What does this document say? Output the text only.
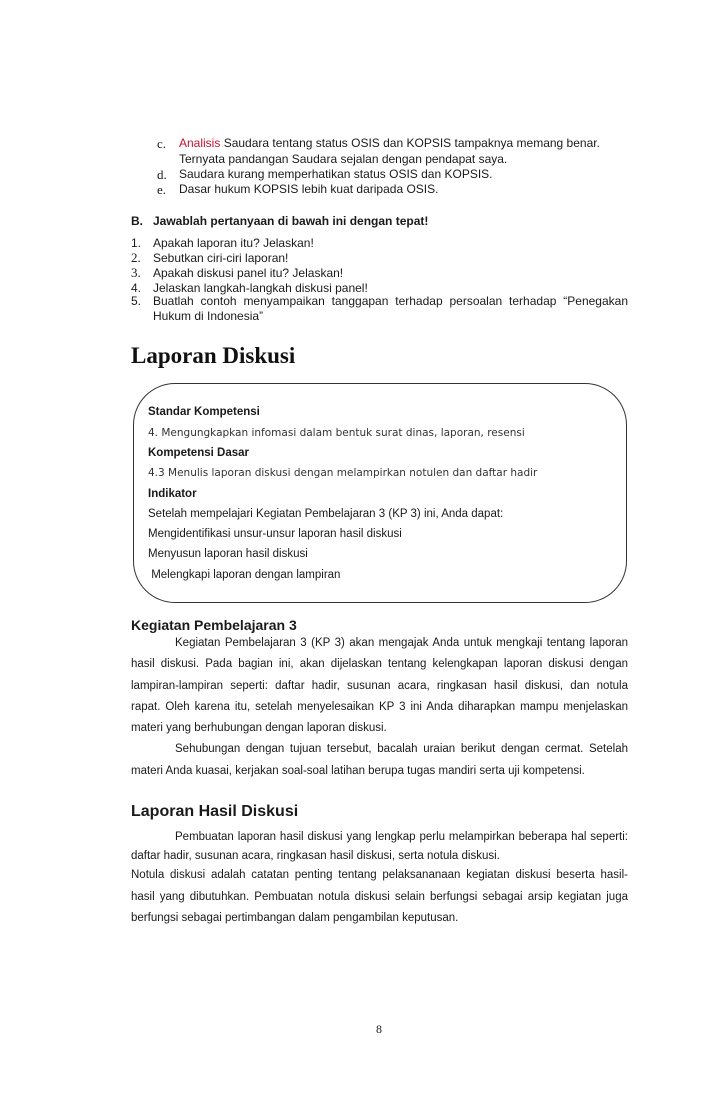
c. Analisis Saudara tentang status OSIS dan KOPSIS tampaknya memang benar.
Ternyata pandangan Saudara sejalan dengan pendapat saya.
d. Saudara kurang memperhatikan status OSIS dan KOPSIS.
e. Dasar hukum KOPSIS lebih kuat daripada OSIS.
B. Jawablah pertanyaan di bawah ini dengan tepat!
1. Apakah laporan itu? Jelaskan!
2. Sebutkan ciri-ciri laporan!
3. Apakah diskusi panel itu? Jelaskan!
4. Jelaskan langkah-langkah diskusi panel!
5. Buatlah contoh menyampaikan tanggapan terhadap persoalan terhadap “Penegakan
Hukum di Indonesia”
Laporan Diskusi
Standar Kompetensi
4. Mengungkapkan infomasi dalam bentuk surat dinas, laporan, resensi
Kompetensi Dasar
4.3 Menulis laporan diskusi dengan melampirkan notulen dan daftar hadir
Indikator
Setelah mempelajari Kegiatan Pembelajaran 3 (KP 3) ini, Anda dapat:
Mengidentifikasi unsur-unsur laporan hasil diskusi
Menyusun laporan hasil diskusi
Melengkapi laporan dengan lampiran
Kegiatan Pembelajaran 3
Kegiatan Pembelajaran 3 (KP 3) akan mengajak Anda untuk mengkaji tentang laporan
hasil diskusi. Pada bagian ini, akan dijelaskan tentang kelengkapan laporan diskusi dengan
lampiran-lampiran seperti: daftar hadir, susunan acara, ringkasan hasil diskusi, dan notula
rapat. Oleh karena itu, setelah menyelesaikan KP 3 ini Anda diharapkan mampu menjelaskan
materi yang berhubungan dengan laporan diskusi.
Sehubungan dengan tujuan tersebut, bacalah uraian berikut dengan cermat. Setelah
materi Anda kuasai, kerjakan soal-soal latihan berupa tugas mandiri serta uji kompetensi.
Laporan Hasil Diskusi
Pembuatan laporan hasil diskusi yang lengkap perlu melampirkan beberapa hal seperti:
daftar hadir, susunan acara, ringkasan hasil diskusi, serta notula diskusi.
Notula diskusi adalah catatan penting tentang pelaksananaan kegiatan diskusi beserta hasil-
hasil yang dibutuhkan. Pembuatan notula diskusi selain berfungsi sebagai arsip kegiatan juga
berfungsi sebagai pertimbangan dalam pengambilan keputusan.
8
